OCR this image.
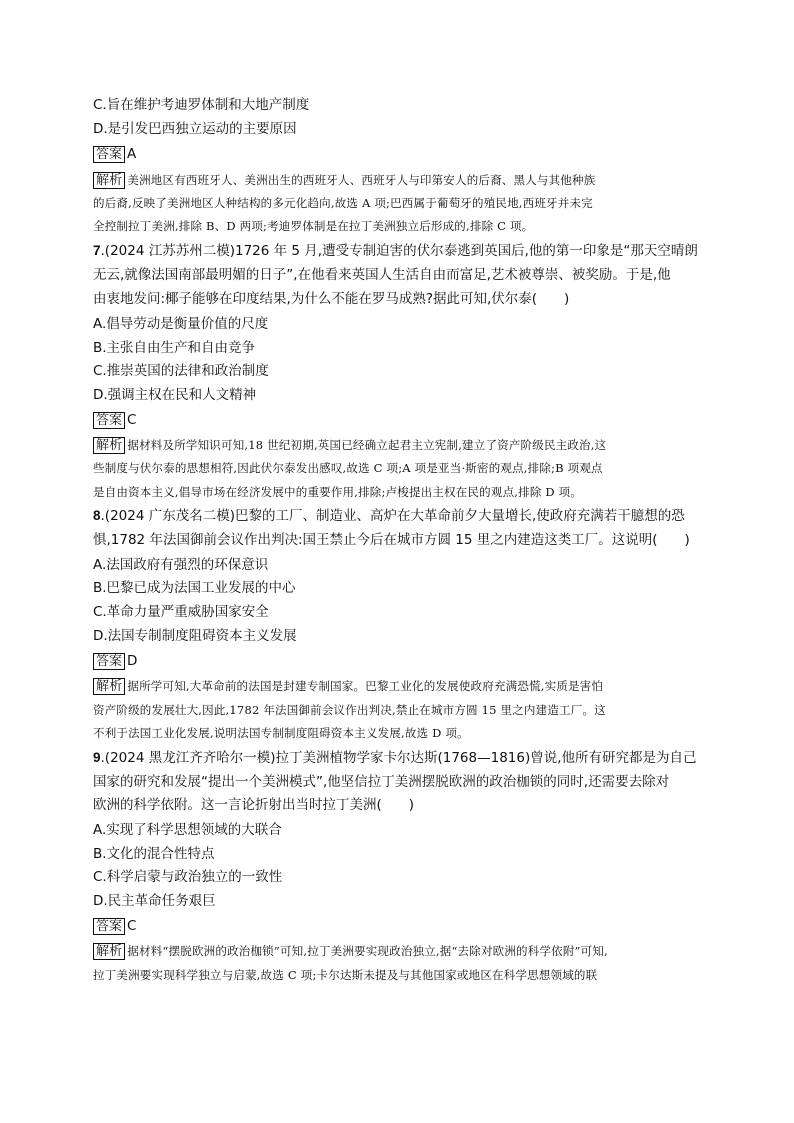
C.旨在维护考迪罗体制和大地产制度
D.是引发巴西独立运动的主要原因
答案 A
解析 美洲地区有西班牙人、美洲出生的西班牙人、西班牙人与印第安人的后裔、黑人与其他种族
的后裔,反映了美洲地区人种结构的多元化趋向,故选 A 项;巴西属于葡萄牙的殖民地,西班牙并未完
全控制拉丁美洲,排除 B、D 两项;考迪罗体制是在拉丁美洲独立后形成的,排除 C 项。
7.(2024 江苏苏州二模)1726 年 5 月,遭受专制迫害的伏尔泰逃到英国后,他的第一印象是“那天空晴朗
无云,就像法国南部最明媚的日子”,在他看来英国人生活自由而富足,艺术被尊崇、被奖励。于是,他
由衷地发问:椰子能够在印度结果,为什么不能在罗马成熟?据此可知,伏尔泰(　　)
A.倡导劳动是衡量价值的尺度
B.主张自由生产和自由竞争
C.推崇英国的法律和政治制度
D.强调主权在民和人文精神
答案 C
解析 据材料及所学知识可知,18 世纪初期,英国已经确立起君主立宪制,建立了资产阶级民主政治,这
些制度与伏尔泰的思想相符,因此伏尔泰发出感叹,故选 C 项;A 项是亚当·斯密的观点,排除;B 项观点
是自由资本主义,倡导市场在经济发展中的重要作用,排除;卢梭提出主权在民的观点,排除 D 项。
8.(2024 广东茂名二模)巴黎的工厂、制造业、高炉在大革命前夕大量增长,使政府充满若干臆想的恐
惧,1782 年法国御前会议作出判决:国王禁止今后在城市方圆 15 里之内建造这类工厂。这说明(　　)
A.法国政府有强烈的环保意识
B.巴黎已成为法国工业发展的中心
C.革命力量严重威胁国家安全
D.法国专制制度阻碍资本主义发展
答案 D
解析 据所学可知,大革命前的法国是封建专制国家。巴黎工业化的发展使政府充满恐慌,实质是害怕
资产阶级的发展壮大,因此,1782 年法国御前会议作出判决,禁止在城市方圆 15 里之内建造工厂。这
不利于法国工业化发展,说明法国专制制度阻碍资本主义发展,故选 D 项。
9.(2024 黑龙江齐齐哈尔一模)拉丁美洲植物学家卡尔达斯(1768—1816)曾说,他所有研究都是为自己
国家的研究和发展“提出一个美洲模式”,他坚信拉丁美洲摆脱欧洲的政治枷锁的同时,还需要去除对
欧洲的科学依附。这一言论折射出当时拉丁美洲(　　)
A.实现了科学思想领域的大联合
B.文化的混合性特点
C.科学启蒙与政治独立的一致性
D.民主革命任务艰巨
答案 C
解析 据材料“摆脱欧洲的政治枷锁”可知,拉丁美洲要实现政治独立,据“去除对欧洲的科学依附”可知,
拉丁美洲要实现科学独立与启蒙,故选 C 项;卡尔达斯未提及与其他国家或地区在科学思想领域的联
